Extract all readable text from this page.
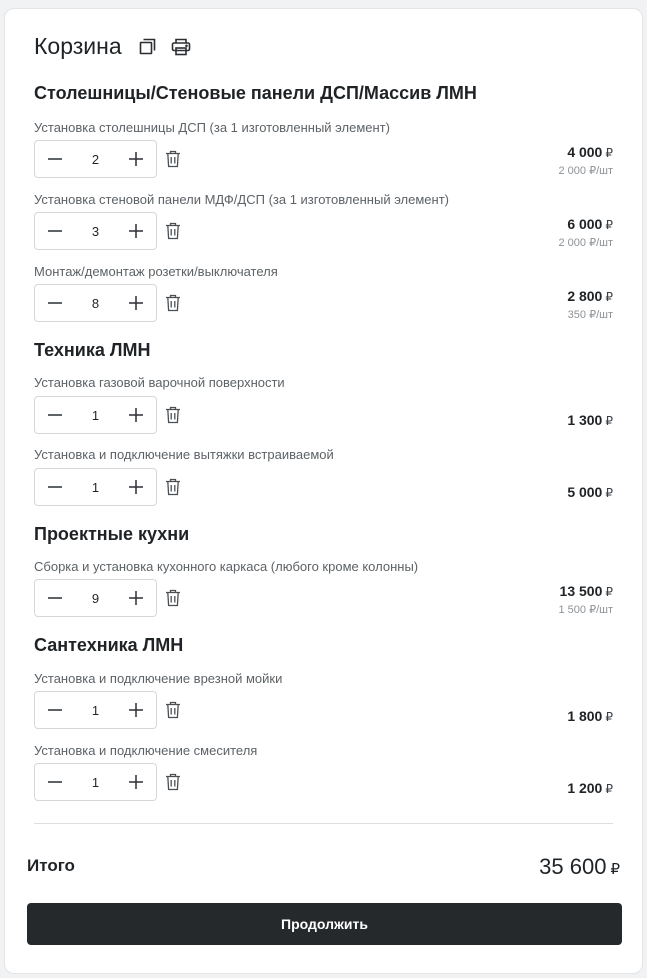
Корзина
Столешницы/Стеновые панели ДСП/Массив ЛМН
Установка столешницы ДСП (за 1 изготовленный элемент)
2	4 000 ₽
2 000 ₽/шт
Установка стеновой панели МДФ/ДСП (за 1 изготовленный элемент)
3	6 000 ₽
2 000 ₽/шт
Монтаж/демонтаж розетки/выключателя
8	2 800 ₽
350 ₽/шт
Техника ЛМН
Установка газовой варочной поверхности
1	1 300 ₽
Установка и подключение вытяжки встраиваемой
1	5 000 ₽
Проектные кухни
Сборка и установка кухонного каркаса (любого кроме колонны)
9	13 500 ₽
1 500 ₽/шт
Сантехника ЛМН
Установка и подключение врезной мойки
1	1 800 ₽
Установка и подключение смесителя
1	1 200 ₽
Итого	35 600 ₽
Продолжить
